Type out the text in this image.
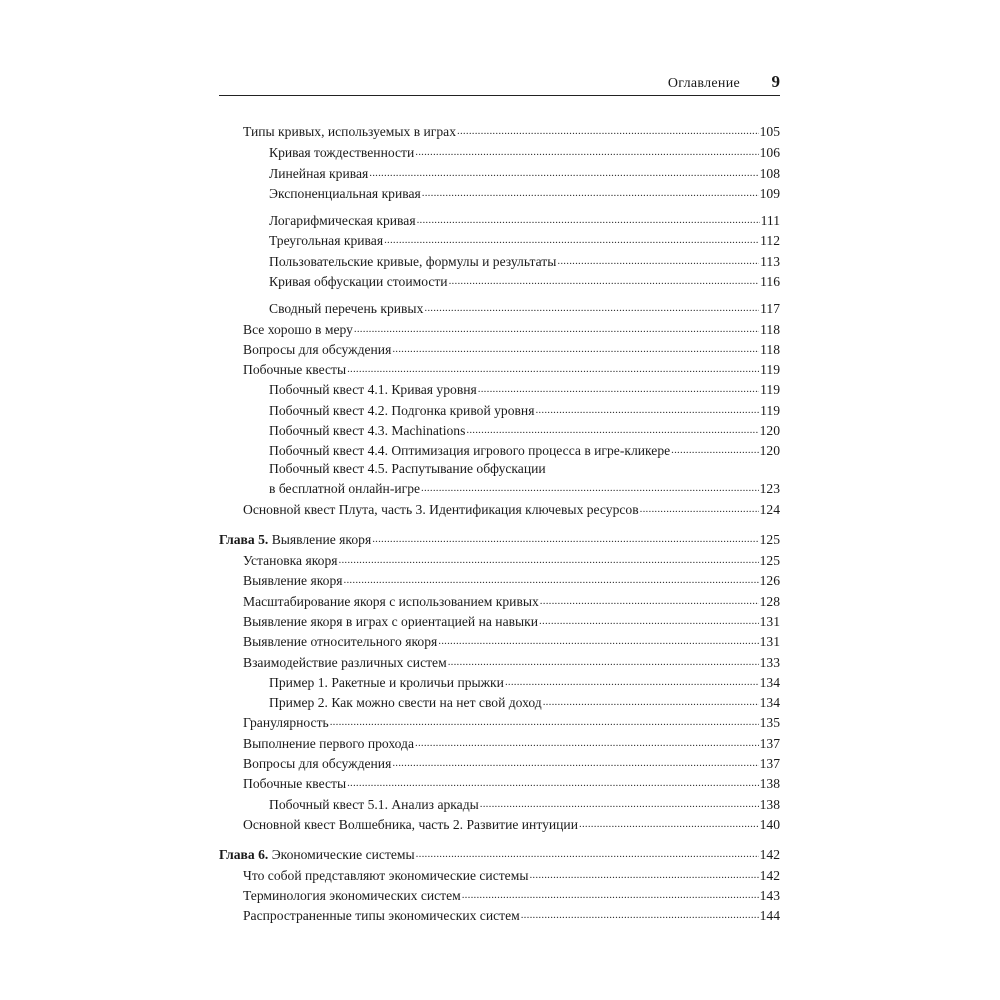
Оглавление 9
Типы кривых, используемых в играх .....	105
Кривая тождественности .....	106
Линейная кривая .....	108
Экспоненциальная кривая .....	109
Логарифмическая кривая .....	111
Треугольная кривая .....	112
Пользовательские кривые, формулы и результаты .....	113
Кривая обфускации стоимости .....	116
Сводный перечень кривых .....	117
Все хорошо в меру .....	118
Вопросы для обсуждения .....	118
Побочные квесты .....	119
Побочный квест 4.1. Кривая уровня .....	119
Побочный квест 4.2. Подгонка кривой уровня .....	119
Побочный квест 4.3. Machinations .....	120
Побочный квест 4.4. Оптимизация игрового процесса в игре-кликере .....	120
Побочный квест 4.5. Распутывание обфускации
в бесплатной онлайн-игре .....	123
Основной квест Плута, часть 3. Идентификация ключевых ресурсов .....	124
Глава 5. Выявление якоря .....	125
Установка якоря .....	125
Выявление якоря .....	126
Масштабирование якоря с использованием кривых .....	128
Выявление якоря в играх с ориентацией на навыки .....	131
Выявление относительного якоря .....	131
Взаимодействие различных систем .....	133
Пример 1. Ракетные и кроличьи прыжки .....	134
Пример 2. Как можно свести на нет свой доход .....	134
Гранулярность .....	135
Выполнение первого прохода .....	137
Вопросы для обсуждения .....	137
Побочные квесты .....	138
Побочный квест 5.1. Анализ аркады .....	138
Основной квест Волшебника, часть 2. Развитие интуиции .....	140
Глава 6. Экономические системы .....	142
Что собой представляют экономические системы .....	142
Терминология экономических систем .....	143
Распространенные типы экономических систем .....	144
